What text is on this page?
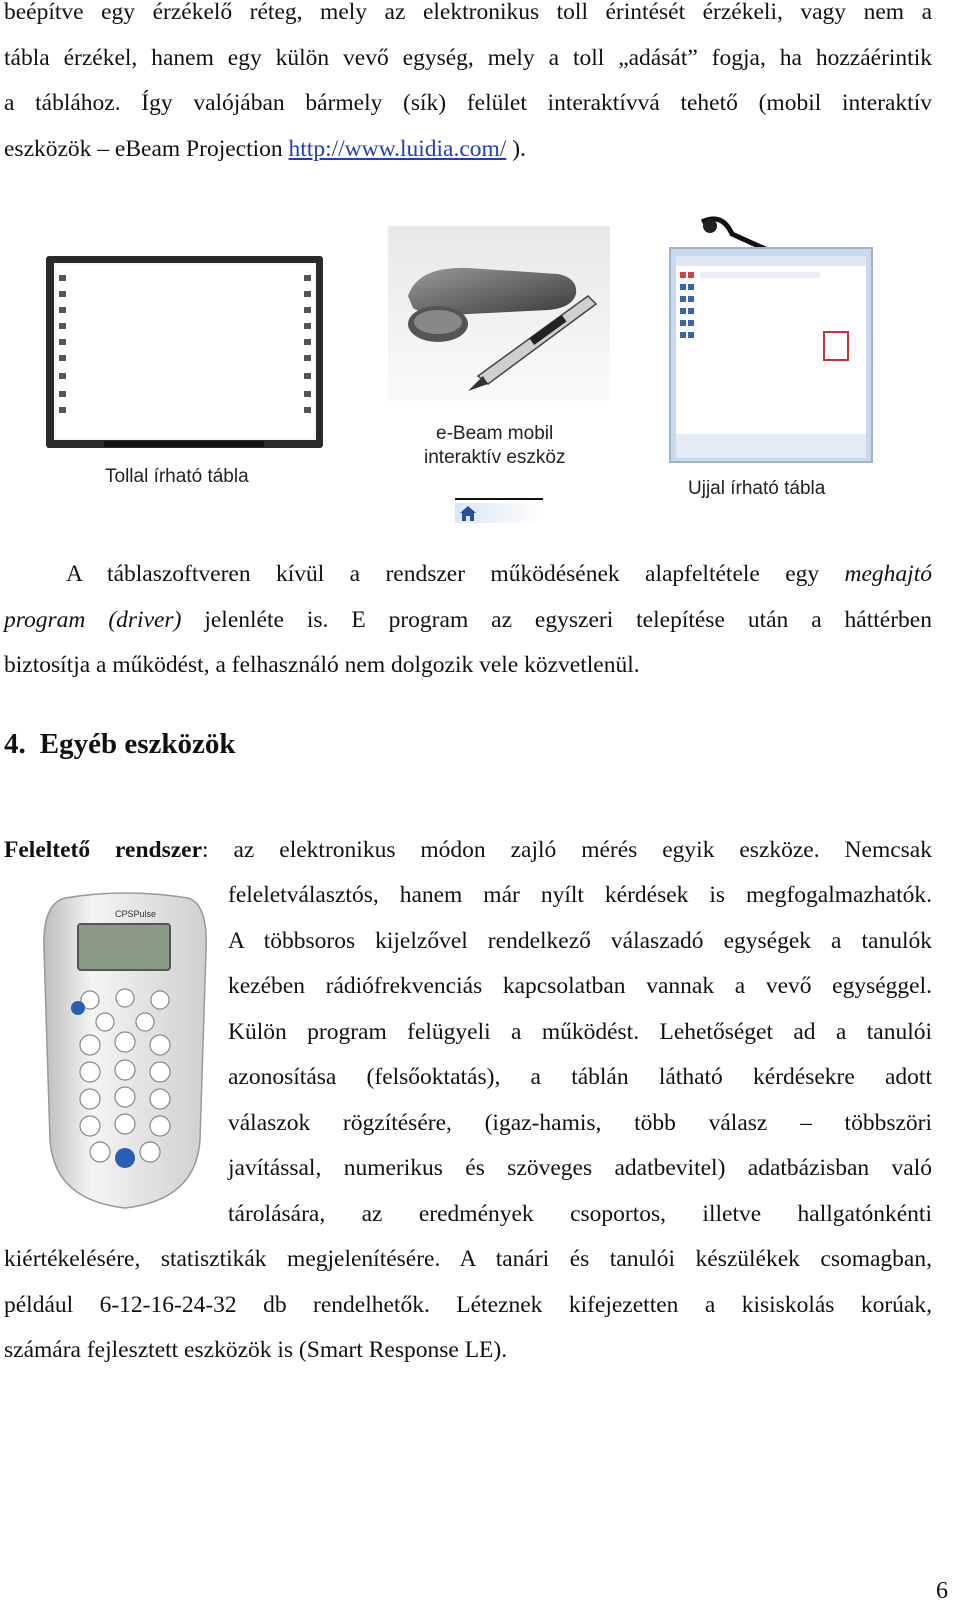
beépítve egy érzékelő réteg, mely az elektronikus toll érintését érzékeli, vagy nem a
tábla érzékel, hanem egy külön vevő egység, mely a toll „adását” fogja, ha hozzáérintik
a táblához. Így valójában bármely (sík) felület interaktívvá tehető (mobil interaktív
eszközök – eBeam Projection http://www.luidia.com/ ).
Tollal írható tábla
e-Beam mobil
interaktív eszköz
Ujjal írható tábla
A táblaszoftveren kívül a rendszer működésének alapfeltétele egy meghajtó
program (driver) jelenléte is. E program az egyszeri telepítése után a háttérben
biztosítja a működést, a felhasználó nem dolgozik vele közvetlenül.
4. Egyéb eszközök
Feleltető rendszer: az elektronikus módon zajló mérés egyik eszköze. Nemcsak
CPSPulse
feleletválasztós, hanem már nyílt kérdések is megfogalmazhatók.
A többsoros kijelzővel rendelkező válaszadó egységek a tanulók
kezében rádiófrekvenciás kapcsolatban vannak a vevő egységgel.
Külön program felügyeli a működést. Lehetőséget ad a tanulói
azonosítása (felsőoktatás), a táblán látható kérdésekre adott
válaszok rögzítésére, (igaz-hamis, több válasz – többszöri
javítással, numerikus és szöveges adatbevitel) adatbázisban való
tárolására, az eredmények csoportos, illetve hallgatónkénti
kiértékelésére, statisztikák megjelenítésére. A tanári és tanulói készülékek csomagban,
például 6-12-16-24-32 db rendelhetők. Léteznek kifejezetten a kisiskolás korúak,
számára fejlesztett eszközök is (Smart Response LE).
6
